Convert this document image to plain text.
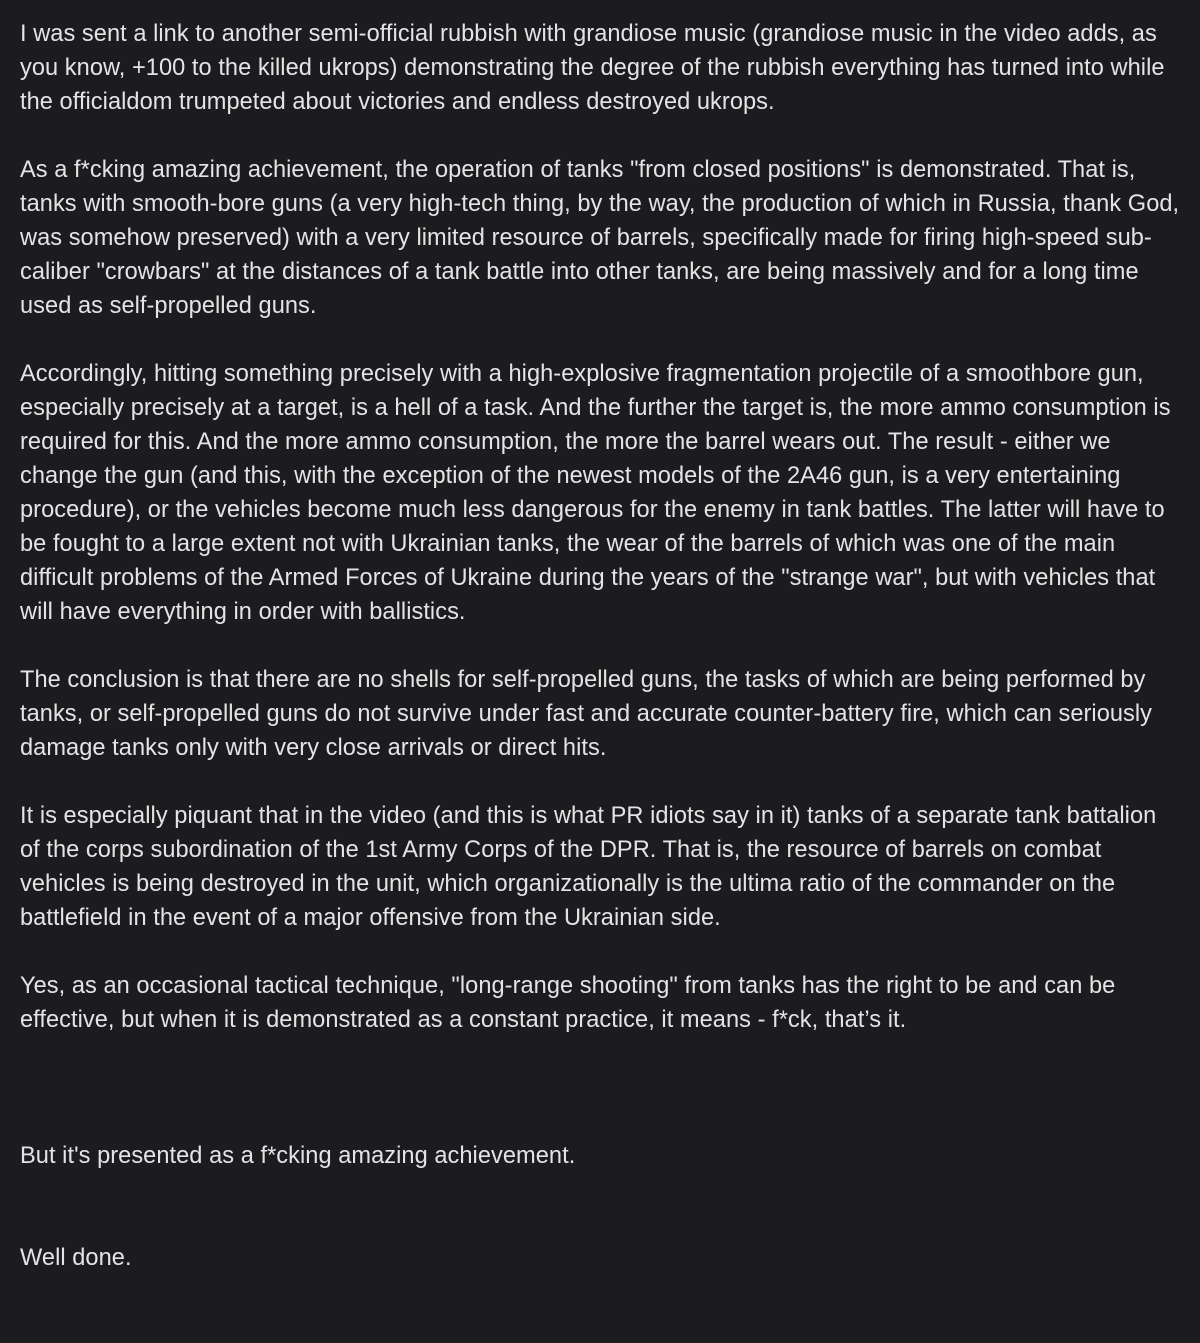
I was sent a link to another semi-official rubbish with grandiose music (grandiose music in the video adds, as you know, +100 to the killed ukrops) demonstrating the degree of the rubbish everything has turned into while the officialdom trumpeted about victories and endless destroyed ukrops.

As a f*cking amazing achievement, the operation of tanks "from closed positions" is demonstrated. That is, tanks with smooth-bore guns (a very high-tech thing, by the way, the production of which in Russia, thank God, was somehow preserved) with a very limited resource of barrels, specifically made for firing high-speed sub-caliber "crowbars" at the distances of a tank battle into other tanks, are being massively and for a long time used as self-propelled guns.

Accordingly, hitting something precisely with a high-explosive fragmentation projectile of a smoothbore gun, especially precisely at a target, is a hell of a task. And the further the target is, the more ammo consumption is required for this. And the more ammo consumption, the more the barrel wears out. The result - either we change the gun (and this, with the exception of the newest models of the 2A46 gun, is a very entertaining procedure), or the vehicles become much less dangerous for the enemy in tank battles. The latter will have to be fought to a large extent not with Ukrainian tanks, the wear of the barrels of which was one of the main difficult problems of the Armed Forces of Ukraine during the years of the "strange war", but with vehicles that will have everything in order with ballistics.

The conclusion is that there are no shells for self-propelled guns, the tasks of which are being performed by tanks, or self-propelled guns do not survive under fast and accurate counter-battery fire, which can seriously damage tanks only with very close arrivals or direct hits.

It is especially piquant that in the video (and this is what PR idiots say in it) tanks of a separate tank battalion of the corps subordination of the 1st Army Corps of the DPR. That is, the resource of barrels on combat vehicles is being destroyed in the unit, which organizationally is the ultima ratio of the commander on the battlefield in the event of a major offensive from the Ukrainian side.

Yes, as an occasional tactical technique, "long-range shooting" from tanks has the right to be and can be effective, but when it is demonstrated as a constant practice, it means - f*ck, that’s it.

But it's presented as a f*cking amazing achievement.

Well done.
